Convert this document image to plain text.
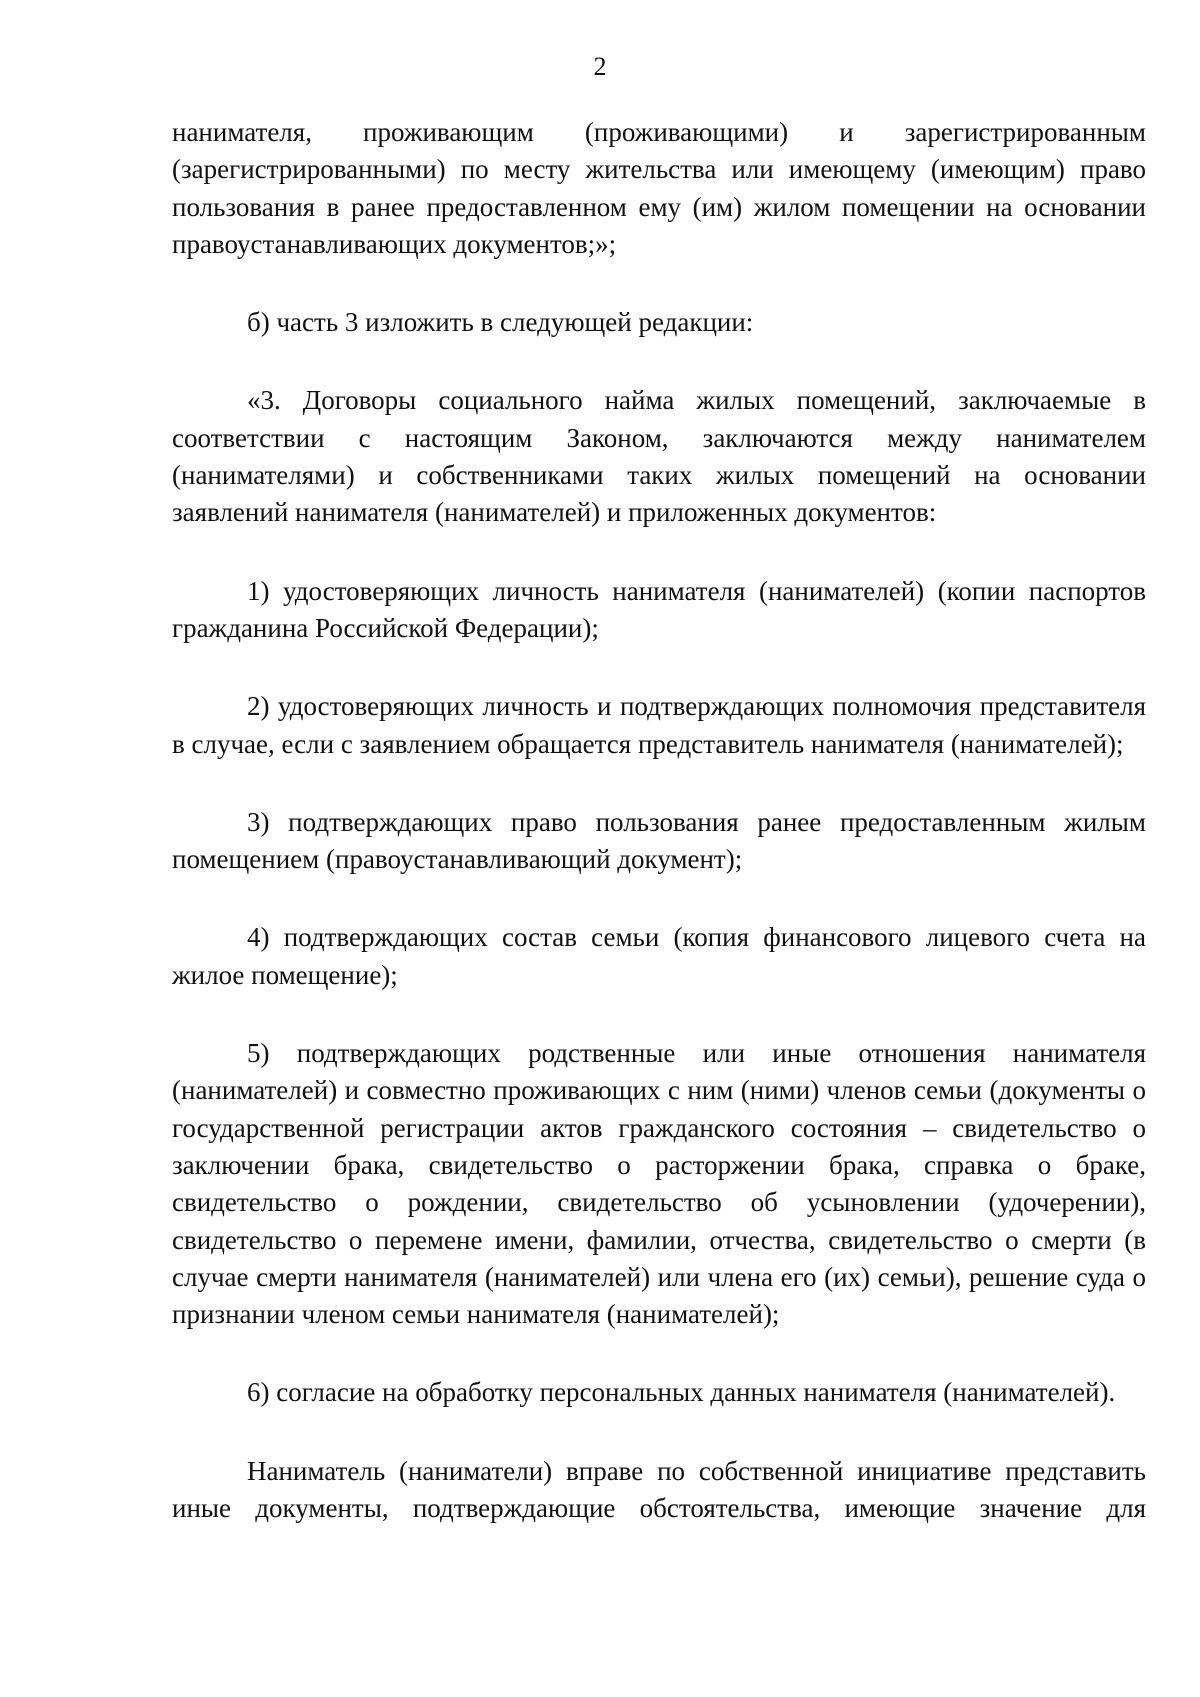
2

нанимателя, проживающим (проживающими) и зарегистрированным (зарегистрированными) по месту жительства или имеющему (имеющим) право пользования в ранее предоставленном ему (им) жилом помещении на основании правоустанавливающих документов;»;

б) часть 3 изложить в следующей редакции:

«3. Договоры социального найма жилых помещений, заключаемые в соответствии с настоящим Законом, заключаются между нанимателем (нанимателями) и собственниками таких жилых помещений на основании заявлений нанимателя (нанимателей) и приложенных документов:

1) удостоверяющих личность нанимателя (нанимателей) (копии паспортов гражданина Российской Федерации);

2) удостоверяющих личность и подтверждающих полномочия представителя в случае, если с заявлением обращается представитель нанимателя (нанимателей);

3) подтверждающих право пользования ранее предоставленным жилым помещением (правоустанавливающий документ);

4) подтверждающих состав семьи (копия финансового лицевого счета на жилое помещение);

5) подтверждающих родственные или иные отношения нанимателя (нанимателей) и совместно проживающих с ним (ними) членов семьи (документы о государственной регистрации актов гражданского состояния – свидетельство о заключении брака, свидетельство о расторжении брака, справка о браке, свидетельство о рождении, свидетельство об усыновлении (удочерении), свидетельство о перемене имени, фамилии, отчества, свидетельство о смерти (в случае смерти нанимателя (нанимателей) или члена его (их) семьи), решение суда о признании членом семьи нанимателя (нанимателей);

6) согласие на обработку персональных данных нанимателя (нанимателей).

Наниматель (наниматели) вправе по собственной инициативе представить иные документы, подтверждающие обстоятельства, имеющие значение для
